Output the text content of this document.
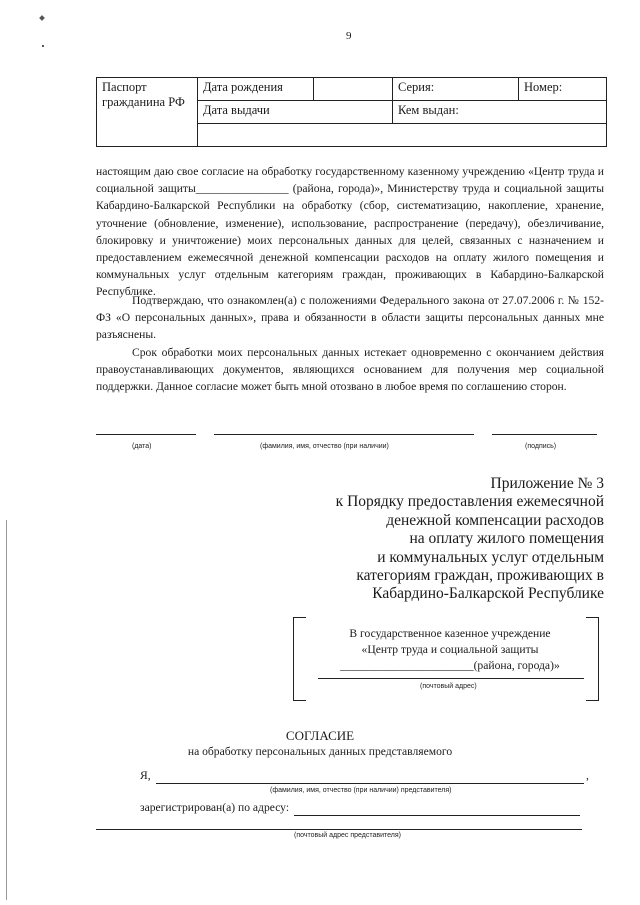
9
Паспорт гражданина РФ	Дата рождения		Серия:	Номер:
	Дата выдачи		Кем выдан:	

настоящим даю свое согласие на обработку государственному казенному учреждению «Центр труда и социальной защиты________________ (района, города)», Министерству труда и социальной защиты Кабардино-Балкарской Республики на обработку (сбор, систематизацию, накопление, хранение, уточнение (обновление, изменение), использование, распространение (передачу), обезличивание, блокировку и уничтожение) моих персональных данных для целей, связанных с назначением и предоставлением ежемесячной денежной компенсации расходов на оплату жилого помещения и коммунальных услуг отдельным категориям граждан, проживающих в Кабардино-Балкарской Республике.
Подтверждаю, что ознакомлен(а) с положениями Федерального закона от 27.07.2006 г. № 152-ФЗ «О персональных данных», права и обязанности в области защиты персональных данных мне разъяснены.
Срок обработки моих персональных данных истекает одновременно с окончанием действия правоустанавливающих документов, являющихся основанием для получения мер социальной поддержки. Данное согласие может быть мной отозвано в любое время по соглашению сторон.
(дата)	(фамилия, имя, отчество (при наличии)	(подпись)
Приложение № 3
к Порядку предоставления ежемесячной
денежной компенсации расходов
на оплату жилого помещения
и коммунальных услуг отдельным
категориям граждан, проживающих в
Кабардино-Балкарской Республике
В государственное казенное учреждение
«Центр труда и социальной защиты
_______________________(района, города)»
(почтовый адрес)
СОГЛАСИЕ
на обработку персональных данных представляемого
Я,	,
(фамилия, имя, отчество (при наличии) представителя)
зарегистрирован(а) по адресу:
(почтовый адрес представителя)
